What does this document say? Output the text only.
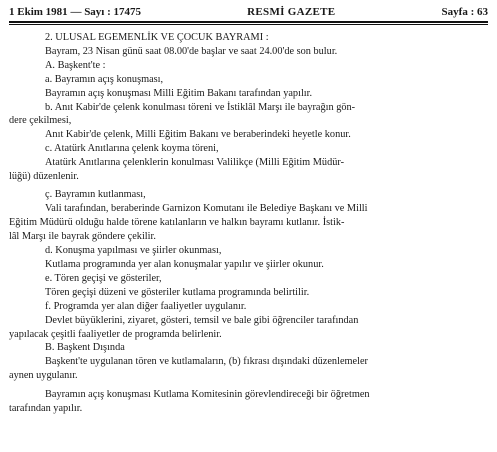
1 Ekim 1981 — Sayı : 17475	RESMİ GAZETE	Sayfa : 63

2. ULUSAL EGEMENLİK VE ÇOCUK BAYRAMI :

Bayram, 23 Nisan günü saat 08.00'de başlar ve saat 24.00'de son bulur.

A. Başkent'te :

a. Bayramın açış konuşması,

Bayramın açış konuşması Milli Eğitim Bakanı tarafından yapılır.

b. Anıt Kabir'de çelenk konulması töreni ve İstiklâl Marşı ile bayrağın gön-

dere çekilmesi,

Anıt Kabir'de çelenk, Milli Eğitim Bakanı ve beraberindeki heyetle konur.

c. Atatürk Anıtlarına çelenk koyma töreni,

Atatürk Anıtlarına çelenklerin konulması Valilikçe (Milli Eğitim Müdür-

lüğü) düzenlenir.

ç. Bayramın kutlanması,

Vali tarafından, beraberinde Garnizon Komutanı ile Belediye Başkanı ve Milli

Eğitim Müdürü olduğu halde törene katılanların ve halkın bayramı kutlanır. İstik-

lâl Marşı ile bayrak göndere çekilir.

d. Konuşma yapılması ve şiirler okunması,

Kutlama programında yer alan konuşmalar yapılır ve şiirler okunur.

e. Tören geçişi ve gösteriler,

Tören geçişi düzeni ve gösteriler kutlama programında belirtilir.

f. Programda yer alan diğer faaliyetler uygulanır.

Devlet büyüklerini, ziyaret, gösteri, temsil ve bale gibi öğrenciler tarafından

yapılacak çeşitli faaliyetler de programda belirlenir.

B. Başkent Dışında

Başkent'te uygulanan tören ve kutlamaların, (b) fıkrası dışındaki düzenlemeler

aynen uygulanır.

Bayramın açış konuşması Kutlama Komitesinin görevlendireceği bir öğretmen

tarafından yapılır.
